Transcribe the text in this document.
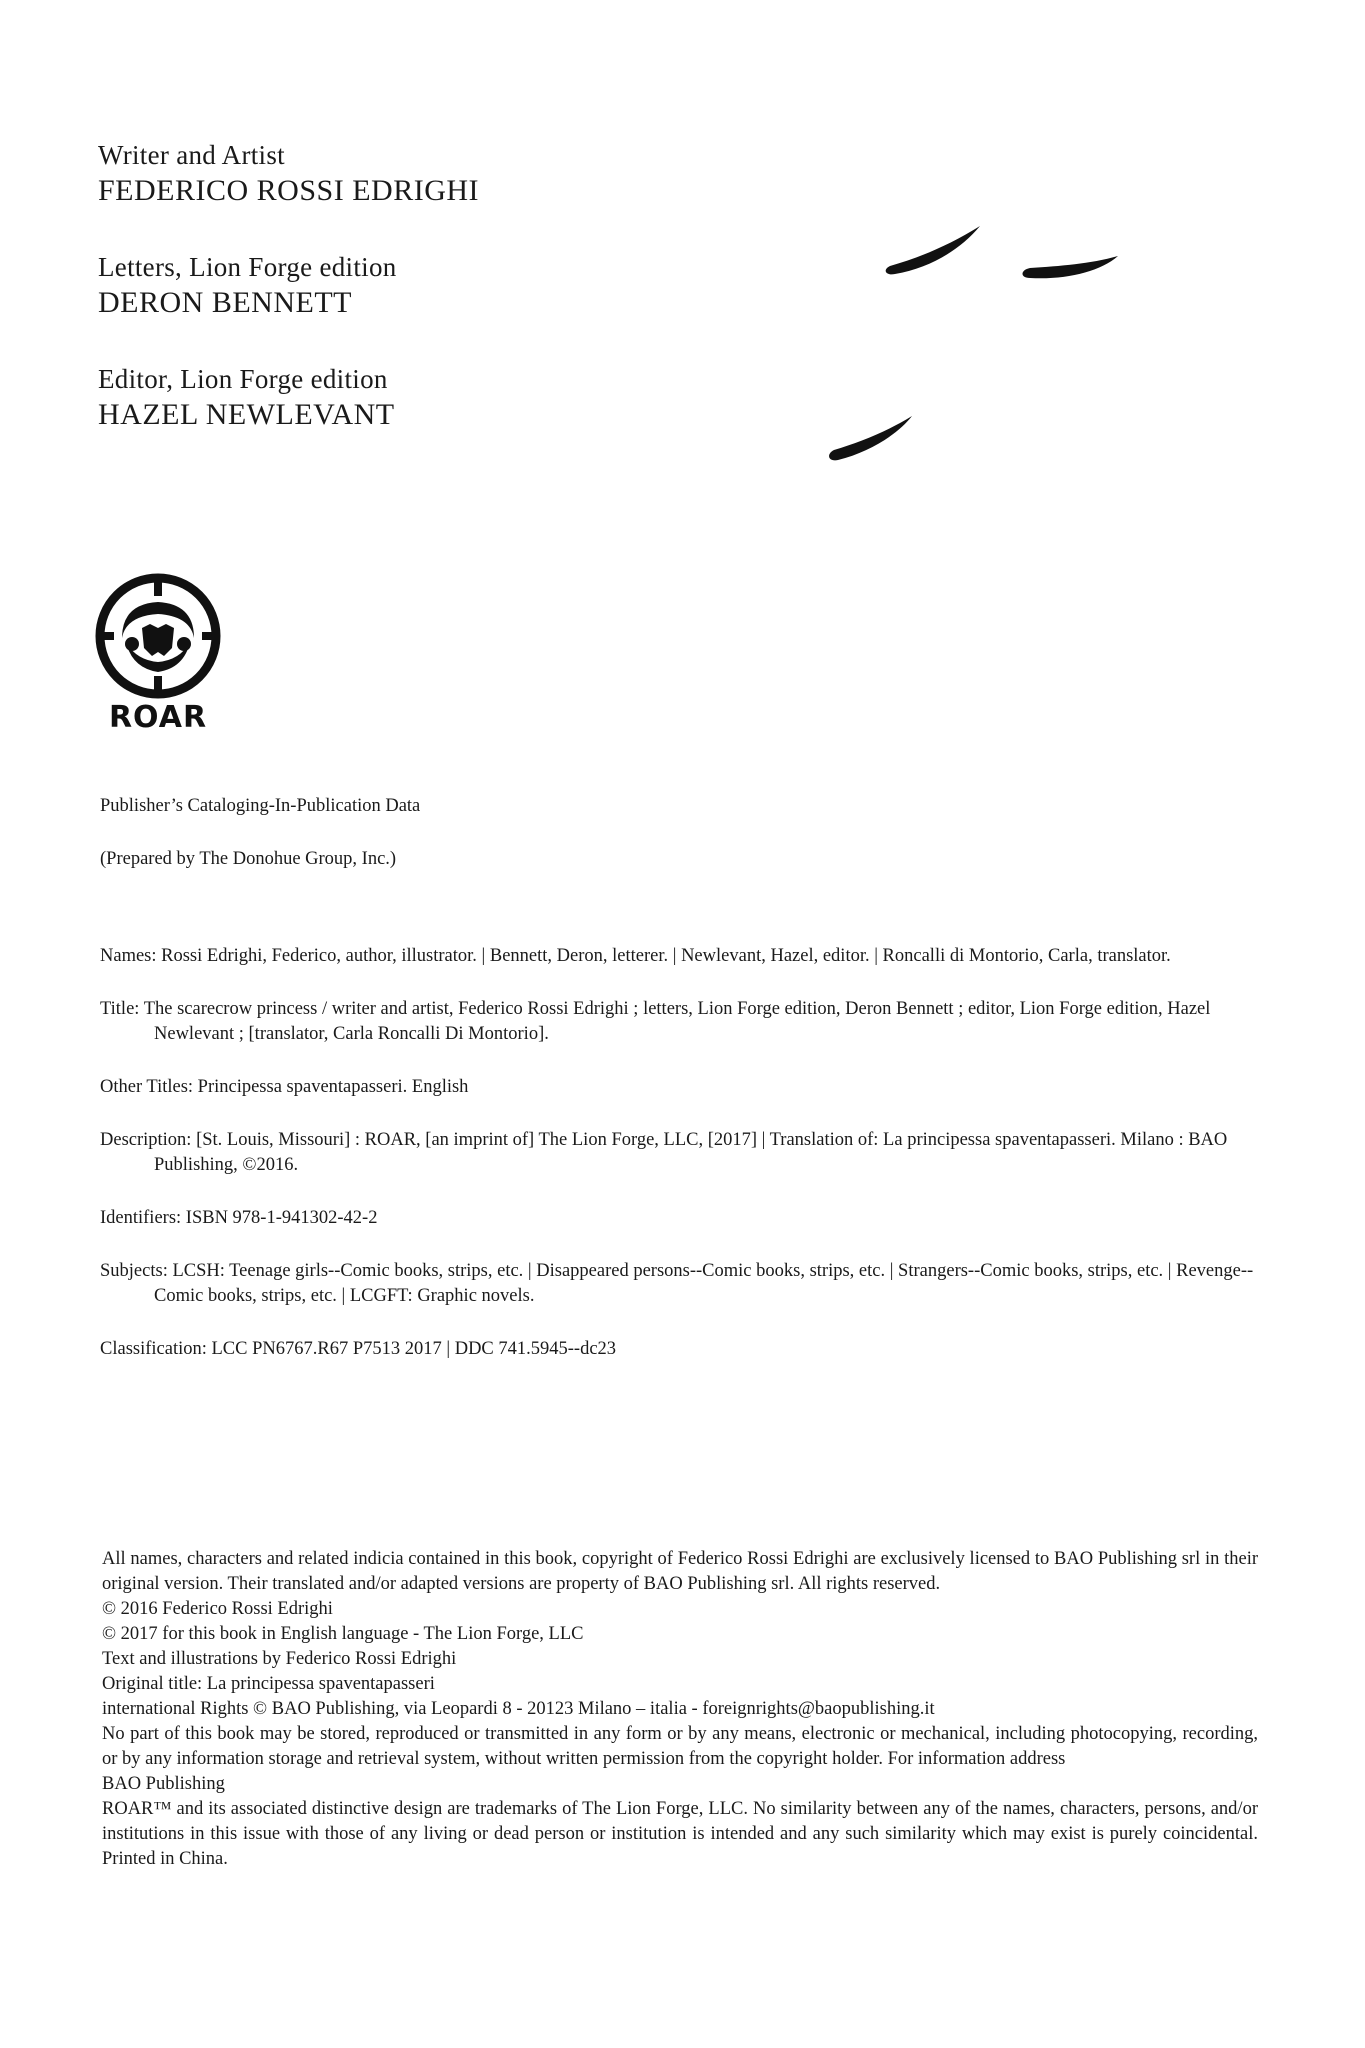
Writer and Artist
FEDERICO ROSSI EDRIGHI
Letters, Lion Forge edition
DERON BENNETT
Editor, Lion Forge edition
HAZEL NEWLEVANT
ROAR

Publisher’s Cataloging-In-Publication Data

(Prepared by The Donohue Group, Inc.)

Names: Rossi Edrighi, Federico, author, illustrator. | Bennett, Deron, letterer. | Newlevant, Hazel, editor. | Roncalli di Montorio, Carla, translator.

Title: The scarecrow princess / writer and artist, Federico Rossi Edrighi ; letters, Lion Forge edition, Deron Bennett ; editor, Lion Forge edition, Hazel Newlevant ; [translator, Carla Roncalli Di Montorio].

Other Titles: Principessa spaventapasseri. English

Description: [St. Louis, Missouri] : ROAR, [an imprint of] The Lion Forge, LLC, [2017] | Translation of: La principessa spaventapasseri. Milano : BAO Publishing, ©2016.

Identifiers: ISBN 978-1-941302-42-2

Subjects: LCSH: Teenage girls--Comic books, strips, etc. | Disappeared persons--Comic books, strips, etc. | Strangers--Comic books, strips, etc. | Revenge--Comic books, strips, etc. | LCGFT: Graphic novels.

Classification: LCC PN6767.R67 P7513 2017 | DDC 741.5945--dc23

All names, characters and related indicia contained in this book, copyright of Federico Rossi Edrighi are exclusively licensed to BAO Publishing srl in their original version. Their translated and/or adapted versions are property of BAO Publishing srl. All rights reserved.

© 2016 Federico Rossi Edrighi

© 2017 for this book in English language - The Lion Forge, LLC

Text and illustrations by Federico Rossi Edrighi

Original title: La principessa spaventapasseri

international Rights © BAO Publishing, via Leopardi 8 - 20123 Milano – italia - foreignrights@baopublishing.it

No part of this book may be stored, reproduced or transmitted in any form or by any means, electronic or mechanical, including photocopying, recording, or by any information storage and retrieval system, without written permission from the copyright holder. For information address

BAO Publishing

ROAR™ and its associated distinctive design are trademarks of The Lion Forge, LLC. No similarity between any of the names, characters, persons, and/or institutions in this issue with those of any living or dead person or institution is intended and any such similarity which may exist is purely coincidental. Printed in China.
